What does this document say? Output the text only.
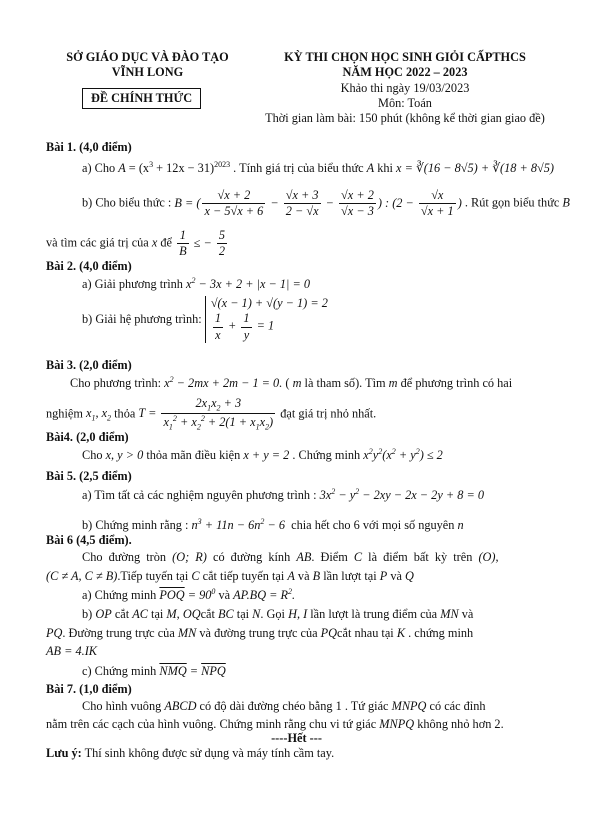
SỞ GIÁO DỤC VÀ ĐÀO TẠO
VĨNH LONG
ĐỀ CHÍNH THỨC
KỲ THI CHỌN HỌC SINH GIỎI CẤPTHCS
NĂM HỌC 2022 – 2023
Khảo thi ngày 19/03/2023
Môn: Toán
Thời gian làm bài: 150 phút (không kể thời gian giao đề)
Bài 1. (4,0 điểm)
a) Cho $A = (x^3 + 12x - 31)^{2023}$ . Tính giá trị của biểu thức A khi x = ∛(16 − 8√5) + ∛(18 + 8√5)
b) Cho biểu thức : B = ( $\frac{√x + 2}{x - 5√x + 6} - \frac{√x + 3}{2 - √x} - \frac{√x + 2}{√x - 3}$ ) : ($2 - \frac{√x}{√x + 1}$ ) . Rút gọn biểu thức B
và tìm các giá trị của x để $\frac{1}{B}$ ≤ − $\frac{5}{2}$
Bài 2. (4,0 điểm)
a) Giải phương trình $x^2 - 3x + 2 + |x - 1| = 0$
b) Giải hệ phương trình:
√(x − 1) + √(y − 1) = 2
$\frac{1}{x} + \frac{1}{y} = 1$
Bài 3. (2,0 điểm)
Cho phương trình: $x^2 - 2mx + 2m - 1 = 0$. ( m là tham số). Tìm m để phương trình có hai
nghiệm $x_1$, $x_2$ thỏa $T = \frac{2x_1x_2 + 3}{x_1^2 + x_2^2 + 2(1 + x_1x_2)}$ đạt giá trị nhỏ nhất.
Bài4. (2,0 điểm)
Cho x, y > 0 thỏa mãn điều kiện x + y = 2 . Chứng minh $x^2y^2(x^2 + y^2) \le 2$
Bài 5. (2,5 điểm)
a) Tìm tất cả các nghiệm nguyên phương trình : $3x^2 - y^2 - 2xy - 2x - 2y + 8 = 0$
b) Chứng minh rằng : $n^3 + 11n - 6n^2 - 6$ chia hết cho 6 với mọi số nguyên n
Bài 6 (4,5 điểm).
Cho đường tròn (O; R) có đường kính AB. Điểm C là điểm bất kỳ trên (O),
(C ≠ A, C ≠ B).Tiếp tuyến tại C cắt tiếp tuyến tại A và B lần lượt tại P và Q
a) Chứng minh $\overline{POQ} = 90^0$ và $AP.BQ = R^2$.
b) OP cắt AC tại M, OQcắt BC tại N. Gọi H, I lần lượt là trung điểm của MN và
PQ. Đường trung trực của MN và đường trung trực của PQcắt nhau tại K . chứng minh
AB = 4.IK
c) Chứng minh $\overline{NMQ} = \overline{NPQ}$
Bài 7. (1,0 điểm)
Cho hình vuông ABCD có độ dài đường chéo bằng 1 . Tứ giác MNPQ có các đỉnh
nằm trên các cạch của hình vuông. Chứng minh rằng chu vi tứ giác MNPQ không nhỏ hơn 2.
----Hết ---
Lưu ý: Thí sinh không được sử dụng và máy tính cầm tay.
